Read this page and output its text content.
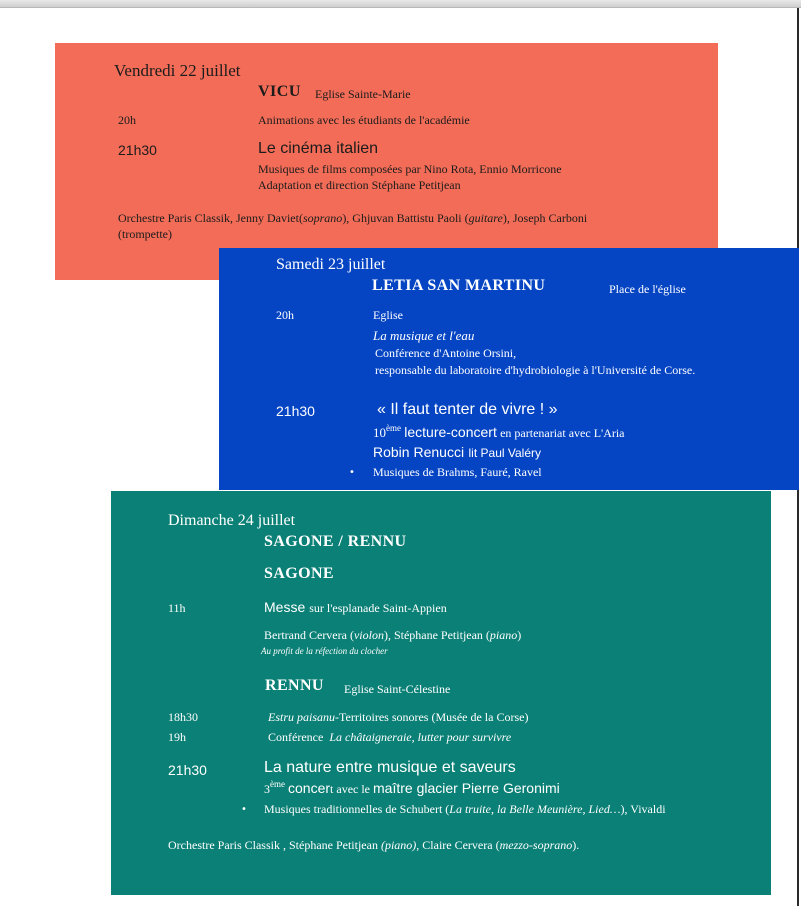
Vendredi 22 juillet
VICU Eglise Sainte-Marie
20h	Animations avec les étudiants de l'académie
21h30	Le cinéma italien
Musiques de films composées par Nino Rota, Ennio Morricone
Adaptation et direction Stéphane Petitjean
Orchestre Paris Classik, Jenny Daviet(soprano), Ghjuvan Battistu Paoli (guitare), Joseph Carboni
(trompette)
Samedi 23 juillet
LETIA SAN MARTINU	Place de l'église
20h	Eglise
La musique et l'eau
Conférence d'Antoine Orsini,
responsable du laboratoire d'hydrobiologie à l'Université de Corse.
21h30	« Il faut tenter de vivre ! »
10ème lecture-concert en partenariat avec L'Aria
Robin Renucci lit Paul Valéry
• Musiques de Brahms, Fauré, Ravel
Dimanche 24 juillet
SAGONE / RENNU
SAGONE
11h	Messe sur l'esplanade Saint-Appien
Bertrand Cervera (violon), Stéphane Petitjean (piano)
Au profit de la réfection du clocher
RENNU Eglise Saint-Célestine
18h30	Estru paisanu-Territoires sonores (Musée de la Corse)
19h	Conférence La châtaigneraie, lutter pour survivre
21h30	La nature entre musique et saveurs
3ème concert avec le maître glacier Pierre Geronimi
• Musiques traditionnelles de Schubert (La truite, la Belle Meunière, Lied…), Vivaldi
Orchestre Paris Classik , Stéphane Petitjean (piano), Claire Cervera (mezzo-soprano).
